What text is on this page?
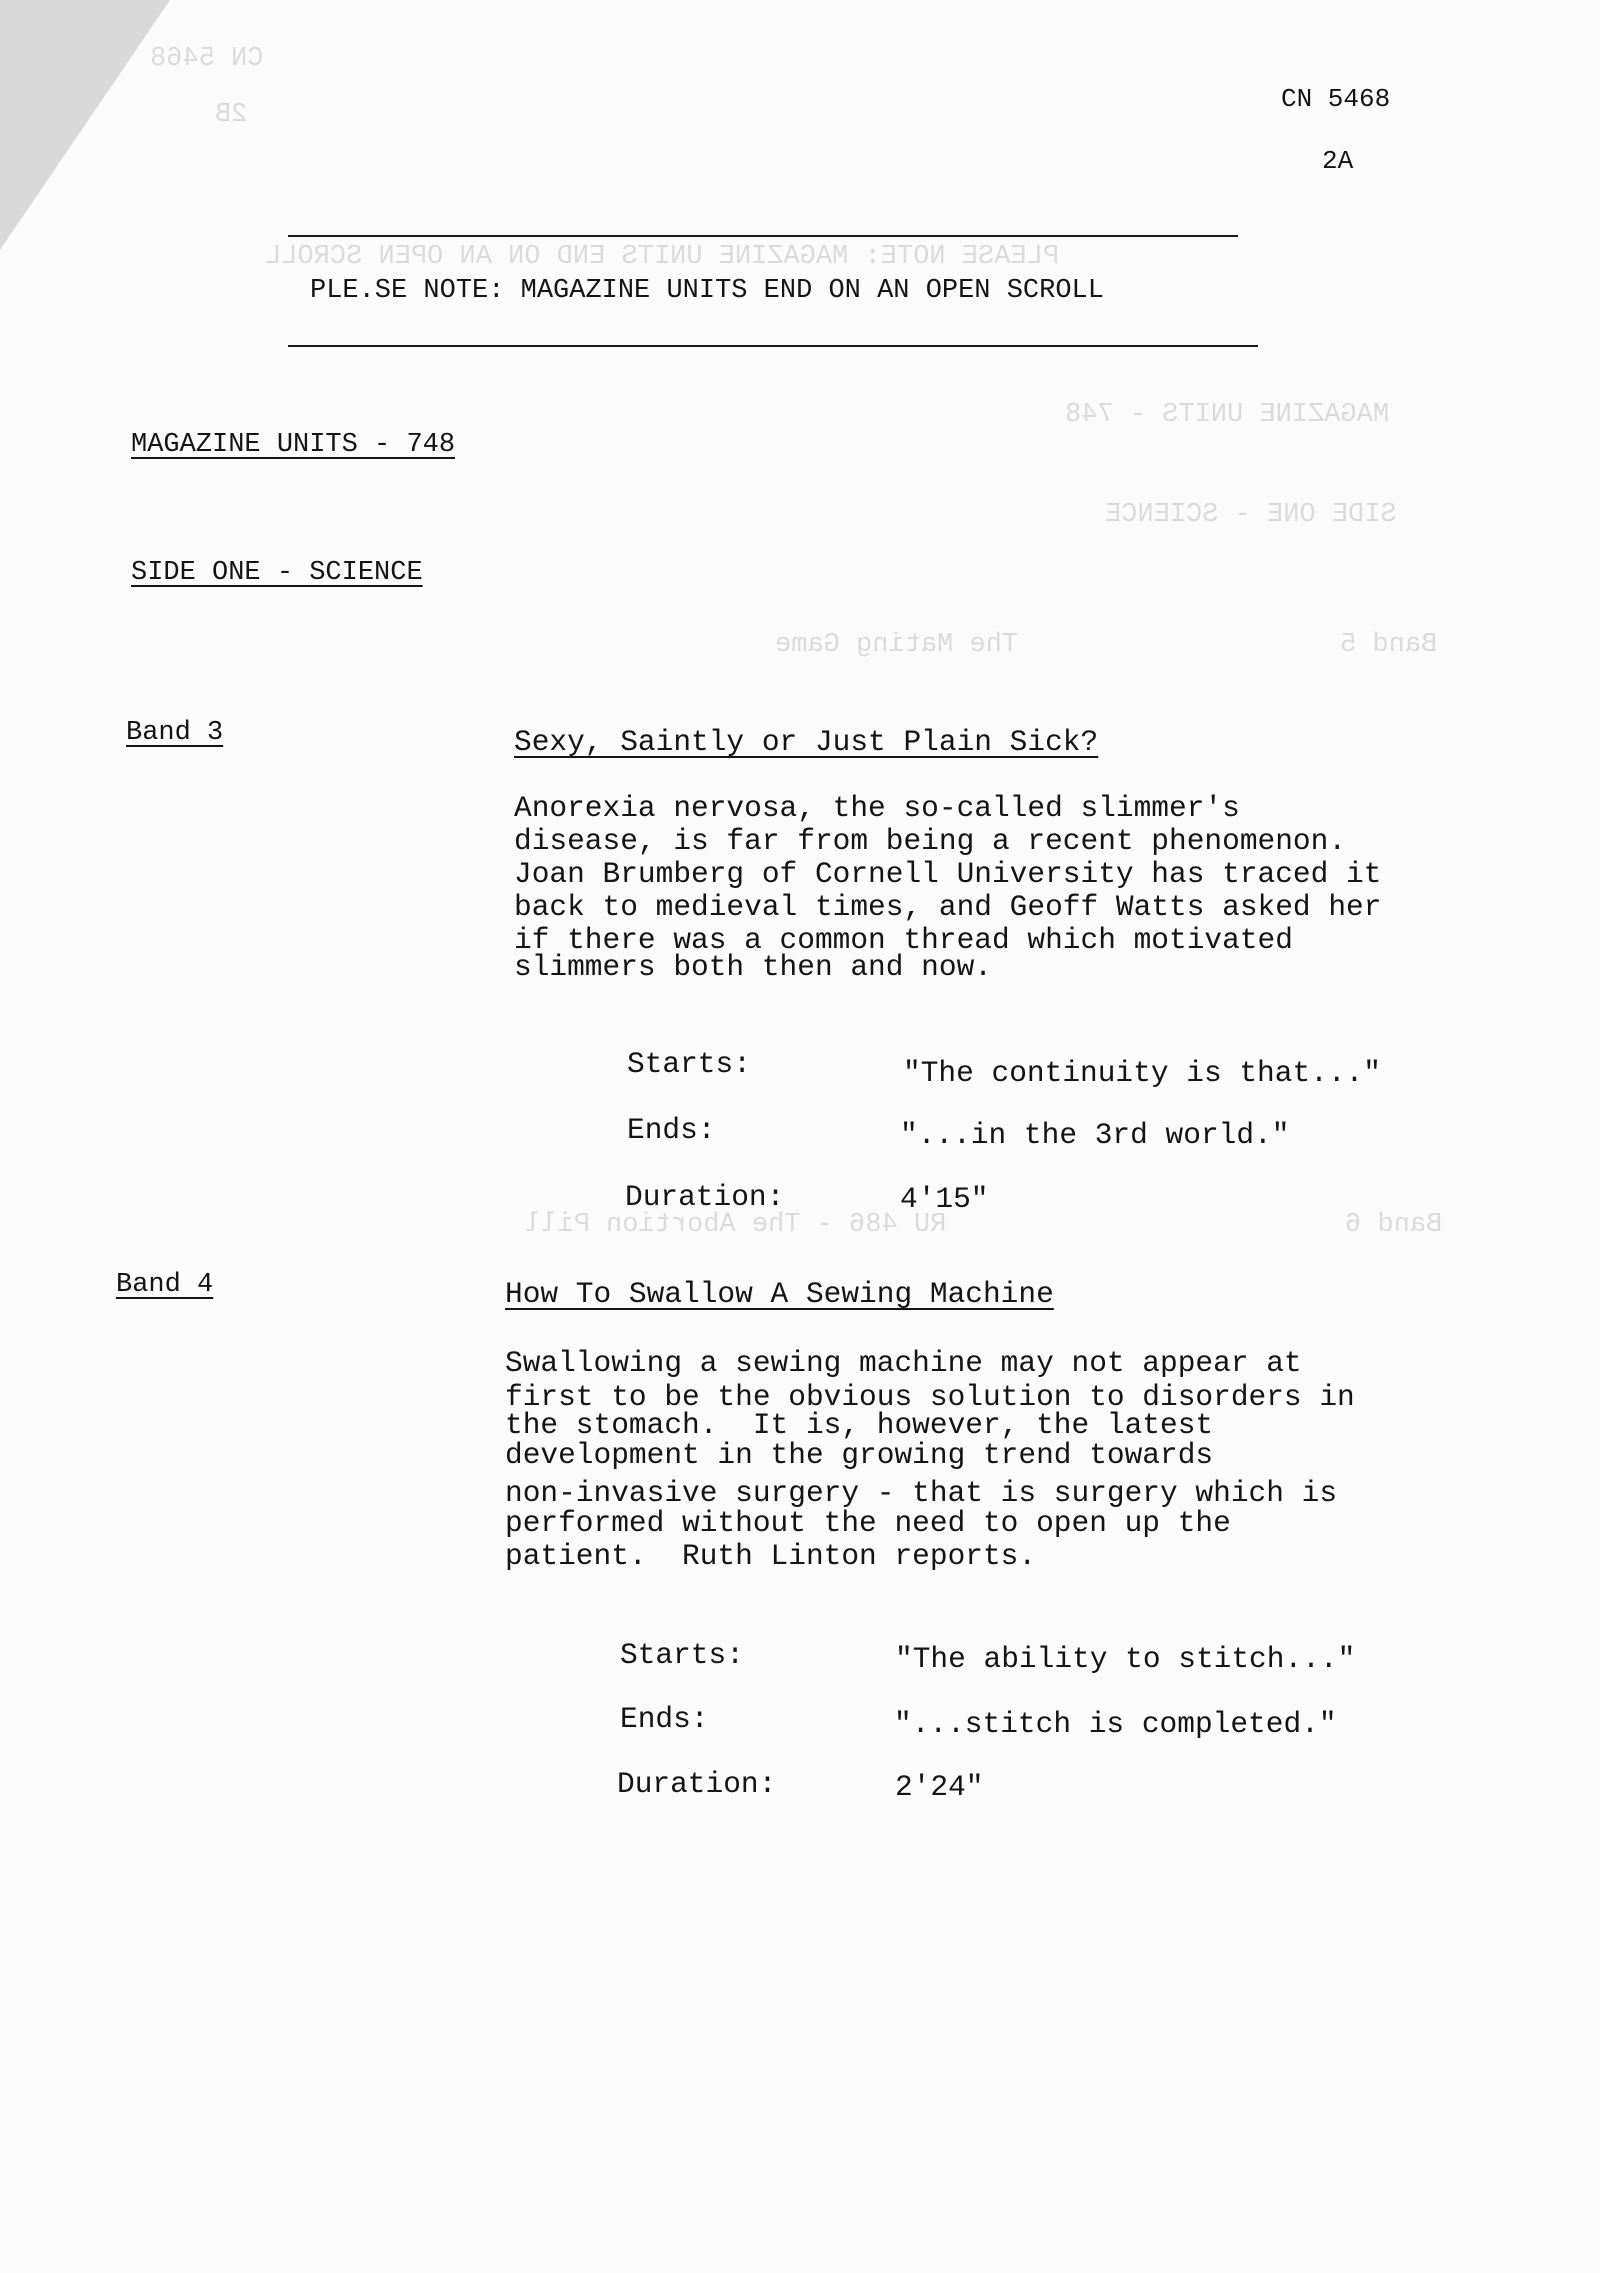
CN 5468
2B
PLEASE NOTE: MAGAZINE UNITS END ON AN OPEN SCROLL
MAGAZINE UNITS - 748
SIDE ONE - SCIENCE
Band 5
The Mating Game
Band 6
RU 486 - The Abortion Pill
CN 5468
2A
PLE.SE NOTE: MAGAZINE UNITS END ON AN OPEN SCROLL
MAGAZINE UNITS - 748
SIDE ONE - SCIENCE
Band 3	Sexy, Saintly or Just Plain Sick?
Anorexia nervosa, the so-called slimmer's
disease, is far from being a recent phenomenon.
Joan Brumberg of Cornell University has traced it
back to medieval times, and Geoff Watts asked her
if there was a common thread which motivated
slimmers both then and now.
Starts:	"The continuity is that..."
Ends:	"...in the 3rd world."
Duration:	4'15"
Band 4	How To Swallow A Sewing Machine
Swallowing a sewing machine may not appear at
first to be the obvious solution to disorders in
the stomach.  It is, however, the latest
development in the growing trend towards
non-invasive surgery - that is surgery which is
performed without the need to open up the
patient.  Ruth Linton reports.
Starts:	"The ability to stitch..."
Ends:	"...stitch is completed."
Duration:	2'24"
